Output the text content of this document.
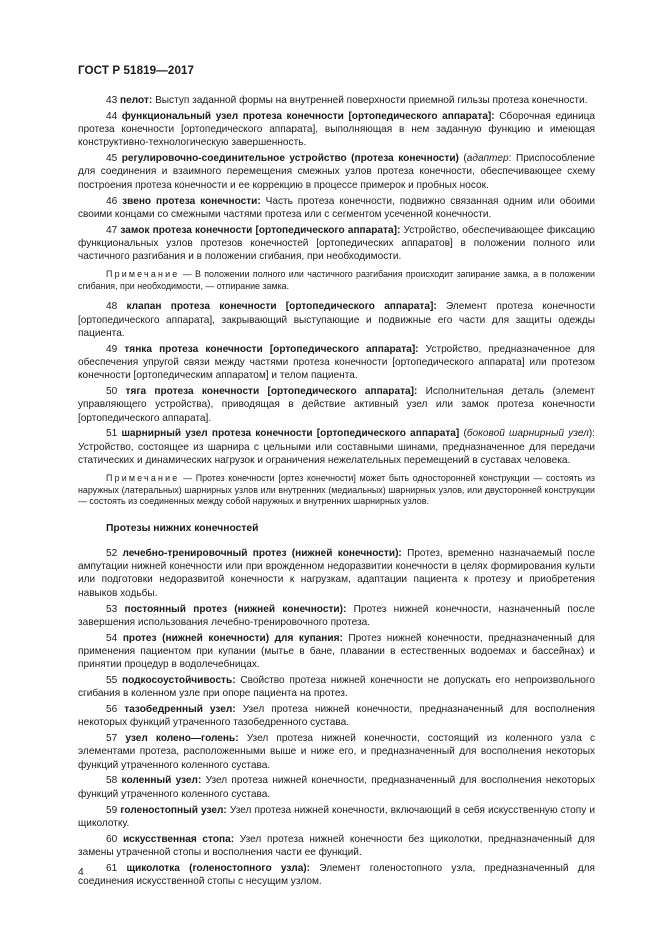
ГОСТ Р 51819—2017

43 пелот: Выступ заданной формы на внутренней поверхности приемной гильзы протеза конечности.

44 функциональный узел протеза конечности [ортопедического аппарата]: Сборочная единица протеза конечности [ортопедического аппарата], выполняющая в нем заданную функцию и имеющая конструктивно-технологическую завершенность.

45 регулировочно-соединительное устройство (протеза конечности) (адаптер: Приспособление для соединения и взаимного перемещения смежных узлов протеза конечности, обеспечивающее схему построения протеза конечности и ее коррекцию в процессе примерок и пробных носок.

46 звено протеза конечности: Часть протеза конечности, подвижно связанная одним или обоими своими концами со смежными частями протеза или с сегментом усеченной конечности.

47 замок протеза конечности [ортопедического аппарата]: Устройство, обеспечивающее фиксацию функциональных узлов протезов конечностей [ортопедических аппаратов] в положении полного или частичного разгибания и в положении сгибания, при необходимости.

Примечание — В положении полного или частичного разгибания происходит запирание замка, а в положении сгибания, при необходимости, — отпирание замка.

48 клапан протеза конечности [ортопедического аппарата]: Элемент протеза конечности [ортопедического аппарата], закрывающий выступающие и подвижные его части для защиты одежды пациента.

49 тянка протеза конечности [ортопедического аппарата]: Устройство, предназначенное для обеспечения упругой связи между частями протеза конечности [ортопедического аппарата] или протезом конечности [ортопедическим аппаратом] и телом пациента.

50 тяга протеза конечности [ортопедического аппарата]: Исполнительная деталь (элемент управляющего устройства), приводящая в действие активный узел или замок протеза конечности [ортопедического аппарата].

51 шарнирный узел протеза конечности [ортопедического аппарата] (боковой шарнирный узел): Устройство, состоящее из шарнира с цельными или составными шинами, предназначенное для передачи статических и динамических нагрузок и ограничения нежелательных перемещений в суставах человека.

Примечание — Протез конечности [ортез конечности] может быть односторонней конструкции — состоять из наружных (латеральных) шарнирных узлов или внутренних (медиальных) шарнирных узлов, или двусторонней конструкции — состоять из соединенных между собой наружных и внутренних шарнирных узлов.
Протезы нижних конечностей

52 лечебно-тренировочный протез (нижней конечности): Протез, временно назначаемый после ампутации нижней конечности или при врожденном недоразвитии конечности в целях формирования культи или подготовки недоразвитой конечности к нагрузкам, адаптации пациента к протезу и приобретения навыков ходьбы.

53 постоянный протез (нижней конечности): Протез нижней конечности, назначенный после завершения использования лечебно-тренировочного протеза.

54 протез (нижней конечности) для купания: Протез нижней конечности, предназначенный для применения пациентом при купании (мытье в бане, плавании в естественных водоемах и бассейнах) и принятии процедур в водолечебницах.

55 подкосоустойчивость: Свойство протеза нижней конечности не допускать его непроизвольного сгибания в коленном узле при опоре пациента на протез.

56 тазобедренный узел: Узел протеза нижней конечности, предназначенный для восполнения некоторых функций утраченного тазобедренного сустава.

57 узел колено—голень: Узел протеза нижней конечности, состоящий из коленного узла с элементами протеза, расположенными выше и ниже его, и предназначенный для восполнения некоторых функций утраченного коленного сустава.

58 коленный узел: Узел протеза нижней конечности, предназначенный для восполнения некоторых функций утраченного коленного сустава.

59 голеностопный узел: Узел протеза нижней конечности, включающий в себя искусственную стопу и щиколотку.

60 искусственная стопа: Узел протеза нижней конечности без щиколотки, предназначенный для замены утраченной стопы и восполнения части ее функций.

61 щиколотка (голеностопного узла): Элемент голеностопного узла, предназначенный для соединения искусственной стопы с несущим узлом.

4
